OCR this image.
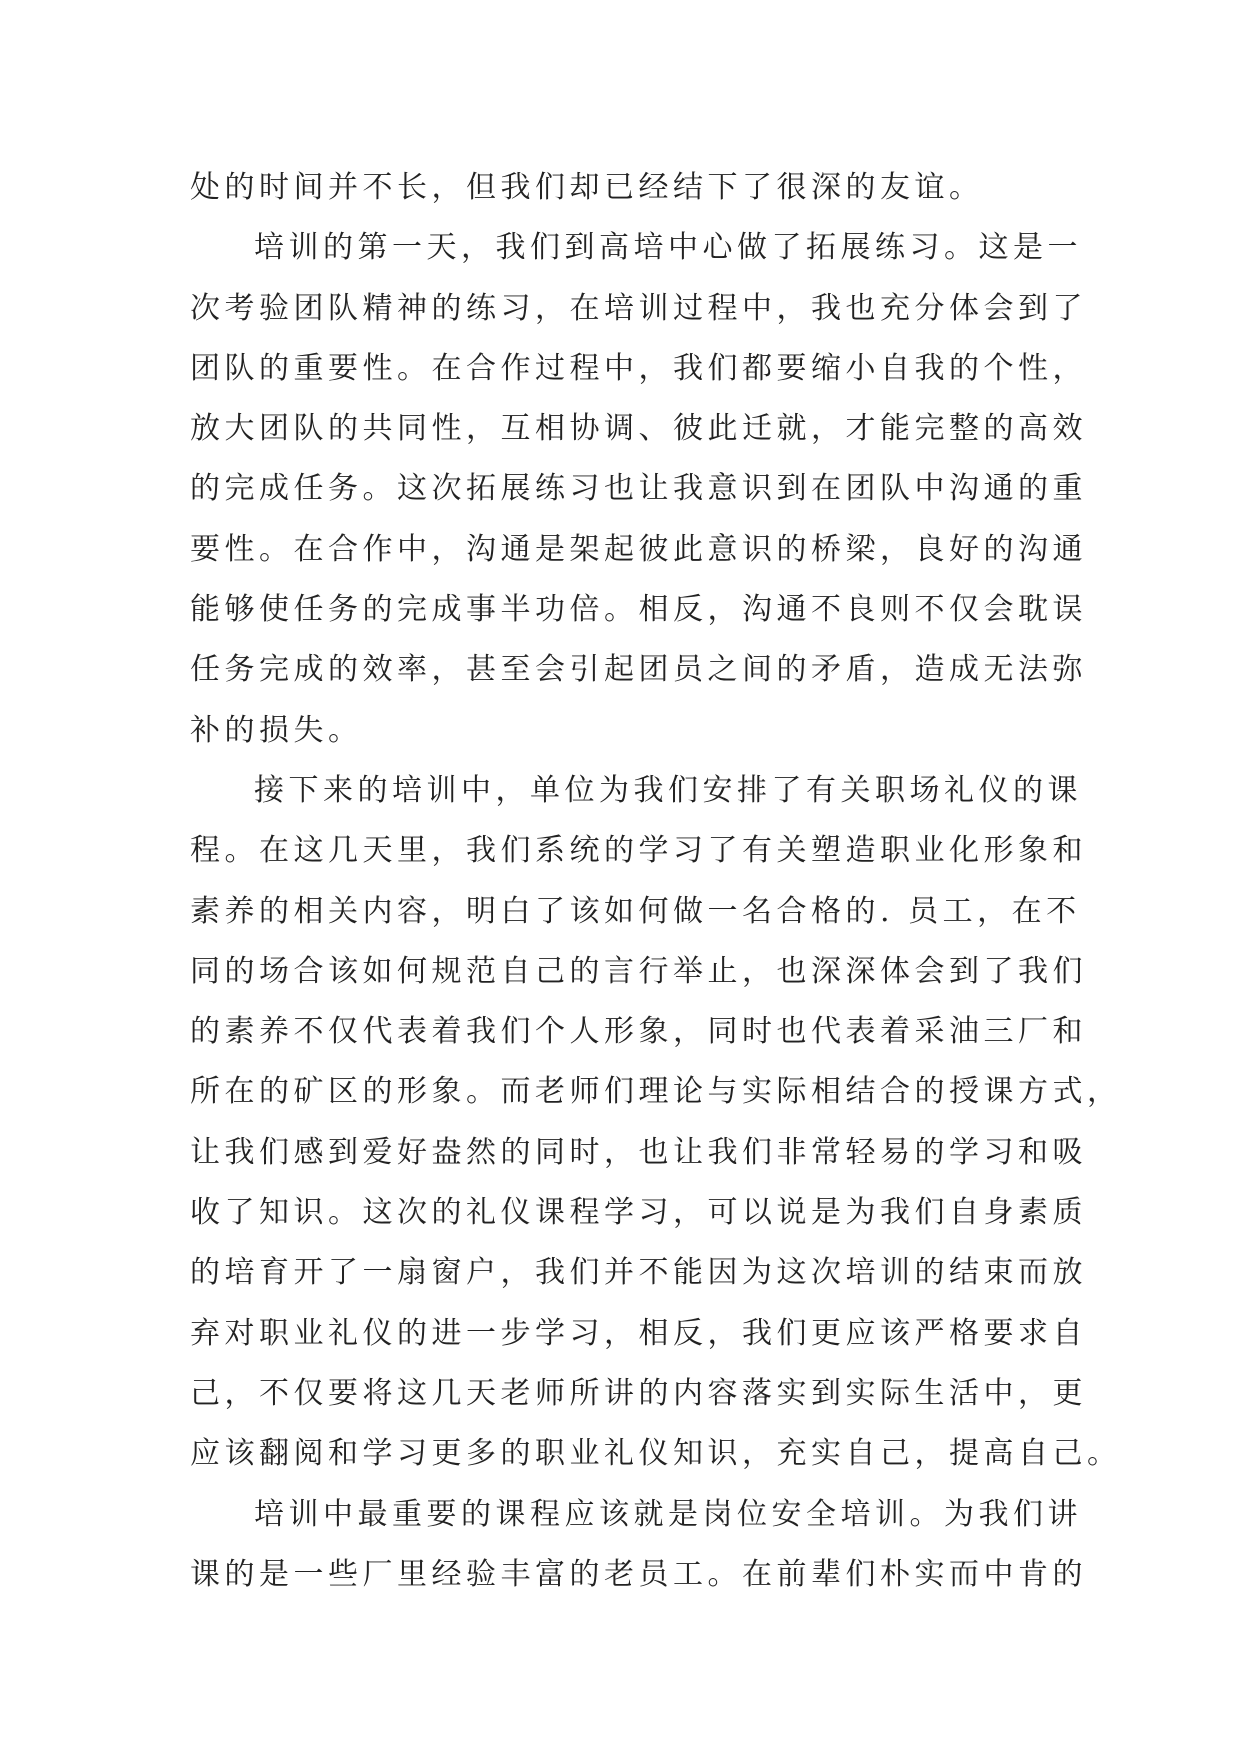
处的时间并不长，但我们却已经结下了很深的友谊。
培训的第一天，我们到高培中心做了拓展练习。这是一
次考验团队精神的练习，在培训过程中，我也充分体会到了
团队的重要性。在合作过程中，我们都要缩小自我的个性，
放大团队的共同性，互相协调、彼此迁就，才能完整的高效
的完成任务。这次拓展练习也让我意识到在团队中沟通的重
要性。在合作中，沟通是架起彼此意识的桥梁，良好的沟通
能够使任务的完成事半功倍。相反，沟通不良则不仅会耽误
任务完成的效率，甚至会引起团员之间的矛盾，造成无法弥
补的损失。
接下来的培训中，单位为我们安排了有关职场礼仪的课
程。在这几天里，我们系统的学习了有关塑造职业化形象和
素养的相关内容，明白了该如何做一名合格的. 员工，在不
同的场合该如何规范自己的言行举止，也深深体会到了我们
的素养不仅代表着我们个人形象，同时也代表着采油三厂和
所在的矿区的形象。而老师们理论与实际相结合的授课方式，
让我们感到爱好盎然的同时，也让我们非常轻易的学习和吸
收了知识。这次的礼仪课程学习，可以说是为我们自身素质
的培育开了一扇窗户，我们并不能因为这次培训的结束而放
弃对职业礼仪的进一步学习，相反，我们更应该严格要求自
己，不仅要将这几天老师所讲的内容落实到实际生活中，更
应该翻阅和学习更多的职业礼仪知识，充实自己，提高自己。
培训中最重要的课程应该就是岗位安全培训。为我们讲
课的是一些厂里经验丰富的老员工。在前辈们朴实而中肯的
